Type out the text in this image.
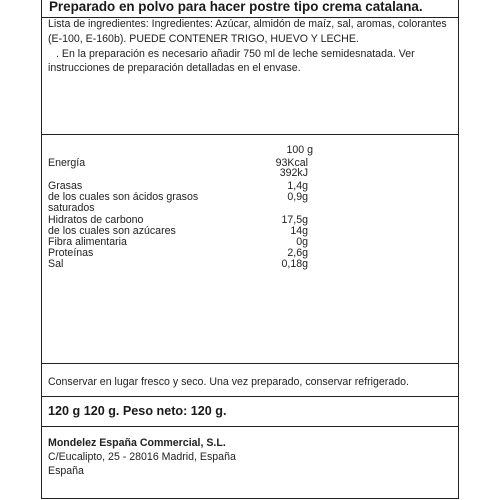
Preparado en polvo para hacer postre tipo crema catalana.

Lista de ingredientes: Ingredientes: Azúcar, almidón de maíz, sal, aromas, colorantes (E-100, E-160b). PUEDE CONTENER TRIGO, HUEVO Y LECHE.

. En la preparación es necesario añadir 750 ml de leche semidesnatada. Ver instrucciones de preparación detalladas en el envase.

100 g
Energía	93Kcal
392kJ
Grasas	1,4g
de los cuales son ácidos grasos	0,9g
saturados
Hidratos de carbono	17,5g
de los cuales son azúcares	14g
Fibra alimentaria	0g
Proteínas	2,6g
Sal	0,18g
Conservar en lugar fresco y seco. Una vez preparado, conservar refrigerado.
120 g 120 g. Peso neto: 120 g.
Mondelez España Commercial, S.L.
C/Eucalipto, 25 - 28016 Madrid, España
España
